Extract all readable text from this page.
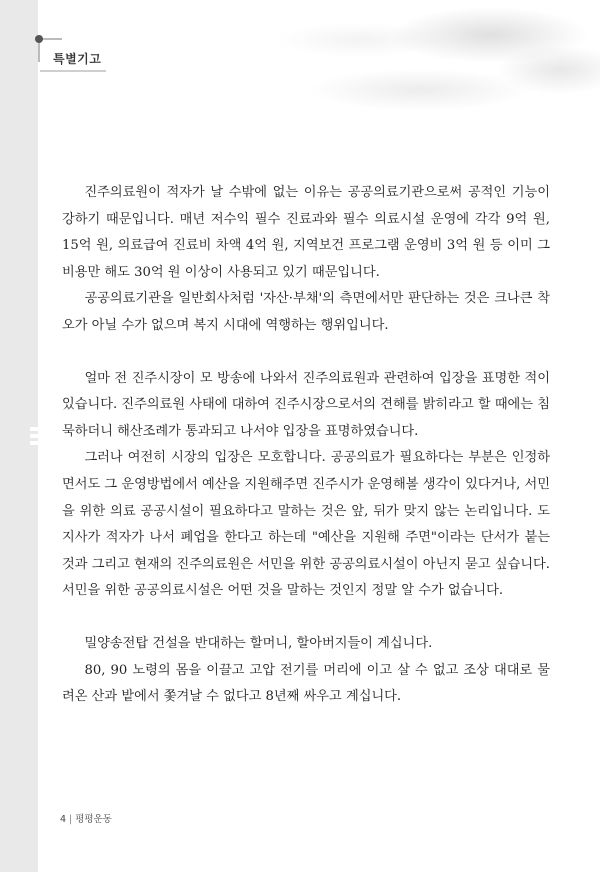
특별기고

진주의료원이 적자가 날 수밖에 없는 이유는 공공의료기관으로써 공적인 기능이 강하기 때문입니다. 매년 저수익 필수 진료과와 필수 의료시설 운영에 각각 9억 원, 15억 원, 의료급여 진료비 차액 4억 원, 지역보건 프로그램 운영비 3억 원 등 이미 그 비용만 해도 30억 원 이상이 사용되고 있기 때문입니다.

공공의료기관을 일반회사처럼 '자산·부채'의 측면에서만 판단하는 것은 크나큰 착오가 아닐 수가 없으며 복지 시대에 역행하는 행위입니다.

얼마 전 진주시장이 모 방송에 나와서 진주의료원과 관련하여 입장을 표명한 적이 있습니다. 진주의료원 사태에 대하여 진주시장으로서의 견해를 밝히라고 할 때에는 침묵하더니 해산조례가 통과되고 나서야 입장을 표명하였습니다.

그러나 여전히 시장의 입장은 모호합니다. 공공의료가 필요하다는 부분은 인정하면서도 그 운영방법에서 예산을 지원해주면 진주시가 운영해볼 생각이 있다거나, 서민을 위한 의료 공공시설이 필요하다고 말하는 것은 앞, 뒤가 맞지 않는 논리입니다. 도지사가 적자가 나서 폐업을 한다고 하는데 "예산을 지원해 주면"이라는 단서가 붙는 것과 그리고 현재의 진주의료원은 서민을 위한 공공의료시설이 아닌지 묻고 싶습니다. 서민을 위한 공공의료시설은 어떤 것을 말하는 것인지 정말 알 수가 없습니다.

밀양송전탑 건설을 반대하는 할머니, 할아버지들이 계십니다.

80, 90 노령의 몸을 이끌고 고압 전기를 머리에 이고 살 수 없고 조상 대대로 물려온 산과 밭에서 쫓겨날 수 없다고 8년째 싸우고 계십니다.

4 | 평평운동
